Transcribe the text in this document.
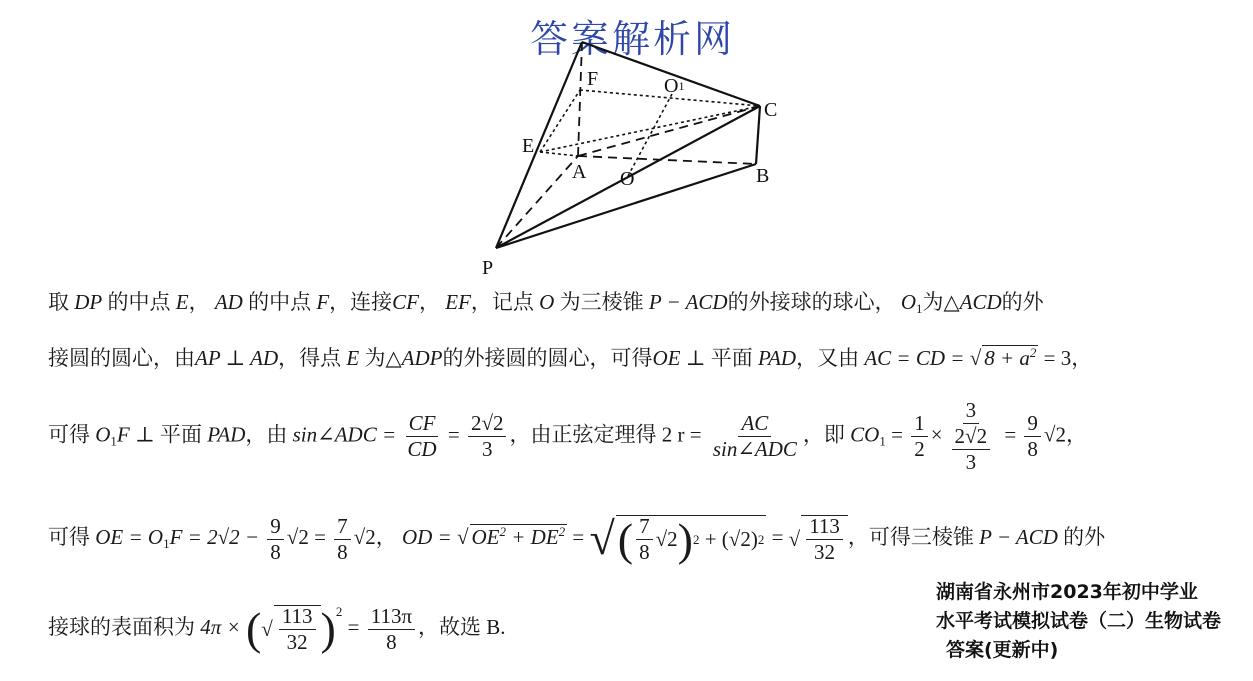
答案解析网
F	O1
C
E
A O	B
P
取 DP 的中点 E， AD 的中点 F，连接CF， EF，记点 O 为三棱锥 P − ACD的外接球的球心， $O_1$为△ACD的外
接圆的圆心，由AP ⊥ AD，得点 E 为△ADP的外接圆的圆心，可得OE ⊥ 平面 PAD，又由 AC = CD = √ $8 + a^2 = 3$，
可得 $O_1F$ ⊥ 平面 PAD，由 sin∠ADC = $\frac{CF}{CD} = \frac{2√2}{3}$ ，由正弦定理得 2 $r = \frac{AC}{\text{sin∠ADC}}$ ，即 $CO_1 = \frac{1}{2} \times \frac{3}{\frac{2√2}{3}} = \frac{9}{8} √2$，
可得 OE = $O_1F = 2√2 - \frac{9}{8} √2 = \frac{7}{8} √2$， OD = √ $OE^2 + DE^2$ = √ ( $\frac{7}{8} √2$ ) 2
+ (√2) 2 = √ $\frac{113}{32}$ ，可得三棱锥 P − ACD 的外
接球的表面积为 4π × ( √ $\frac{113}{32} )^2$
= $\frac{113\pi}{8}$ ，故选 B.
湖南省永州市2023年初中学业
水平考试模拟试卷（二）生物试卷
答案(更新中)
